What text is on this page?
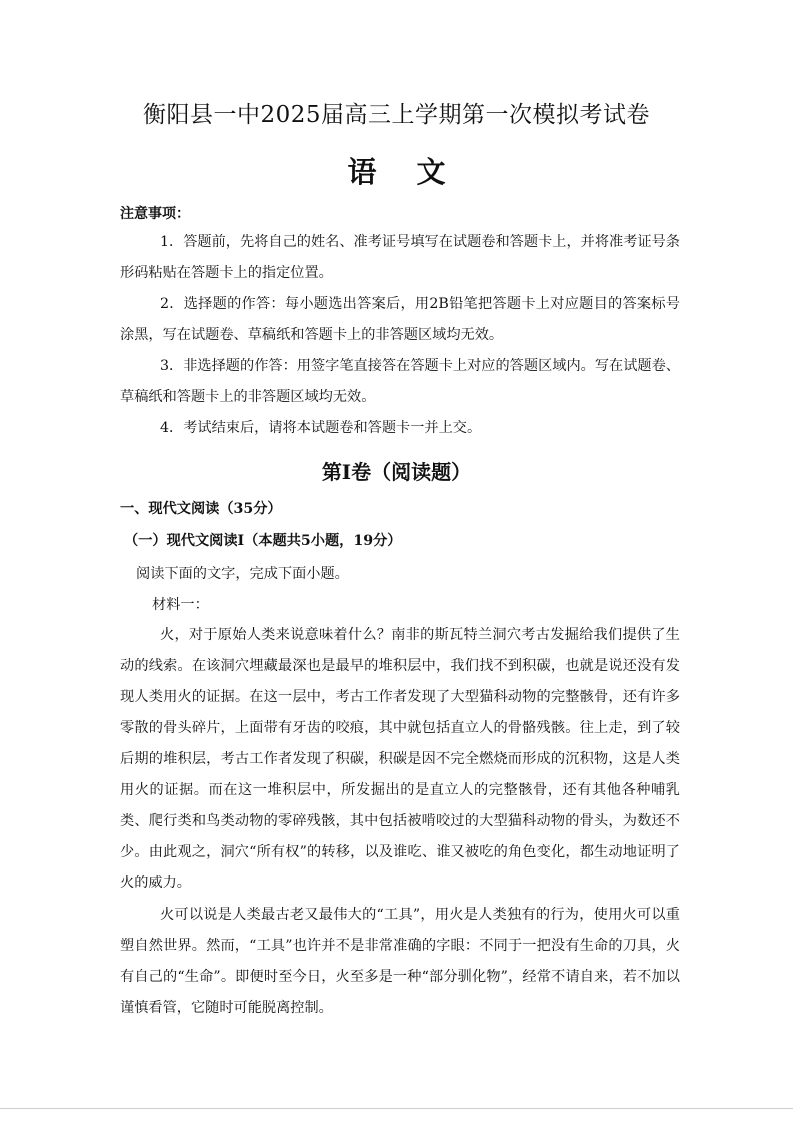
衡阳县一中2025届高三上学期第一次模拟考试卷
语文
注意事项：

1．答题前，先将自己的姓名、准考证号填写在试题卷和答题卡上，并将准考证号条形码粘贴在答题卡上的指定位置。

2．选择题的作答：每小题选出答案后，用2B铅笔把答题卡上对应题目的答案标号涂黑，写在试题卷、草稿纸和答题卡上的非答题区域均无效。

3．非选择题的作答：用签字笔直接答在答题卡上对应的答题区域内。写在试题卷、草稿纸和答题卡上的非答题区域均无效。

4．考试结束后，请将本试题卷和答题卡一并上交。

第Ⅰ卷（阅读题）
一、现代文阅读（35分）
（一）现代文阅读Ⅰ（本题共5小题，19分）
阅读下面的文字，完成下面小题。
材料一：

火，对于原始人类来说意味着什么？南非的斯瓦特兰洞穴考古发掘给我们提供了生动的线索。在该洞穴埋藏最深也是最早的堆积层中，我们找不到积碳，也就是说还没有发现人类用火的证据。在这一层中，考古工作者发现了大型猫科动物的完整骸骨，还有许多零散的骨头碎片，上面带有牙齿的咬痕，其中就包括直立人的骨骼残骸。往上走，到了较后期的堆积层，考古工作者发现了积碳，积碳是因不完全燃烧而形成的沉积物，这是人类用火的证据。而在这一堆积层中，所发掘出的是直立人的完整骸骨，还有其他各种哺乳类、爬行类和鸟类动物的零碎残骸，其中包括被啃咬过的大型猫科动物的骨头，为数还不少。由此观之，洞穴“所有权”的转移，以及谁吃、谁又被吃的角色变化，都生动地证明了火的威力。

火可以说是人类最古老又最伟大的“工具”，用火是人类独有的行为，使用火可以重塑自然世界。然而，“工具”也许并不是非常准确的字眼：不同于一把没有生命的刀具，火有自己的“生命”。即便时至今日，火至多是一种“部分驯化物”，经常不请自来，若不加以谨慎看管，它随时可能脱离控制。
